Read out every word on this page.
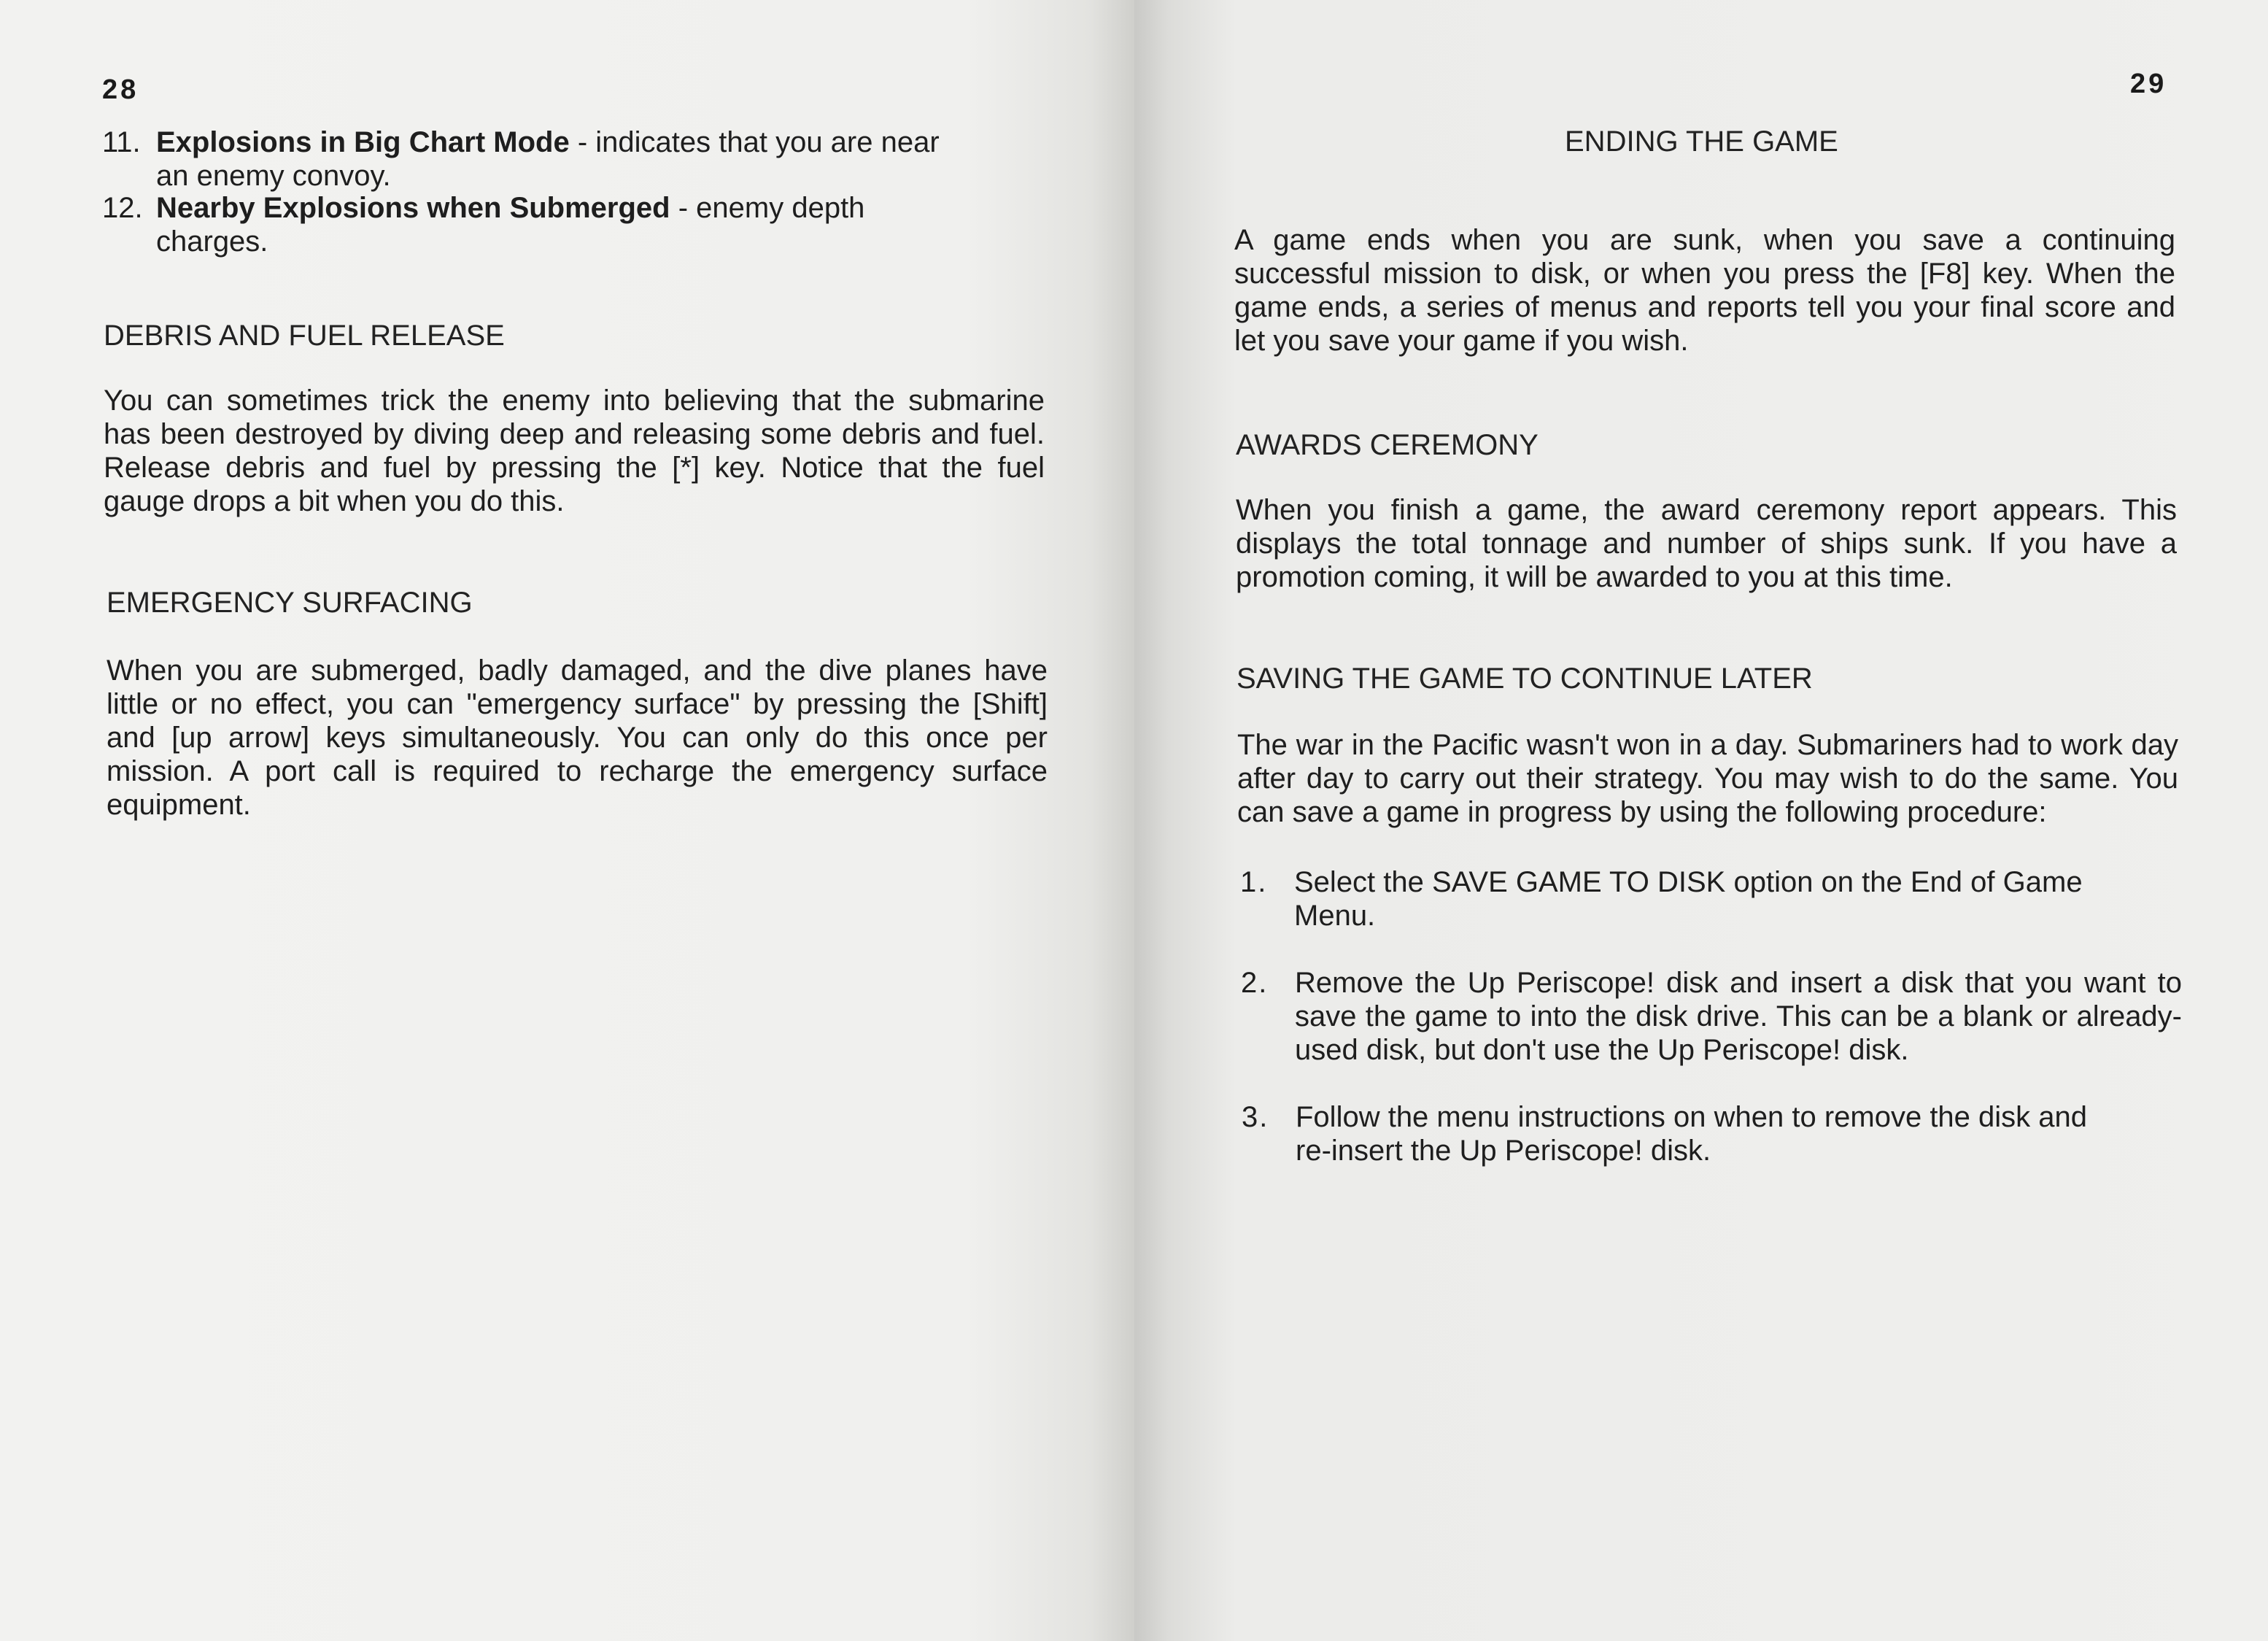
28
11. Explosions in Big Chart Mode - indicates that you are near
an enemy convoy.
12. Nearby Explosions when Submerged - enemy depth
charges.
DEBRIS AND FUEL RELEASE
You can sometimes trick the enemy into believing that the submarine has been destroyed by diving deep and releasing some debris and fuel. Release debris and fuel by pressing the [*] key. Notice that the fuel gauge drops a bit when you do this.
EMERGENCY SURFACING
When you are submerged, badly damaged, and the dive planes have little or no effect, you can "emergency surface" by pressing the [Shift] and [up arrow] keys simultaneously. You can only do this once per mission. A port call is required to recharge the emergency surface equipment.
29
ENDING THE GAME
A game ends when you are sunk, when you save a continuing successful mission to disk, or when you press the [F8] key. When the game ends, a series of menus and reports tell you your final score and let you save your game if you wish.
AWARDS CEREMONY
When you finish a game, the award ceremony report appears. This displays the total tonnage and number of ships sunk. If you have a promotion coming, it will be awarded to you at this time.
SAVING THE GAME TO CONTINUE LATER
The war in the Pacific wasn't won in a day. Submariners had to work day after day to carry out their strategy. You may wish to do the same. You can save a game in progress by using the following procedure:
1. Select the SAVE GAME TO DISK option on the End of Game Menu.
2. Remove the Up Periscope! disk and insert a disk that you want to save the game to into the disk drive. This can be a blank or already-used disk, but don't use the Up Periscope! disk.
3. Follow the menu instructions on when to remove the disk and re-insert the Up Periscope! disk.
